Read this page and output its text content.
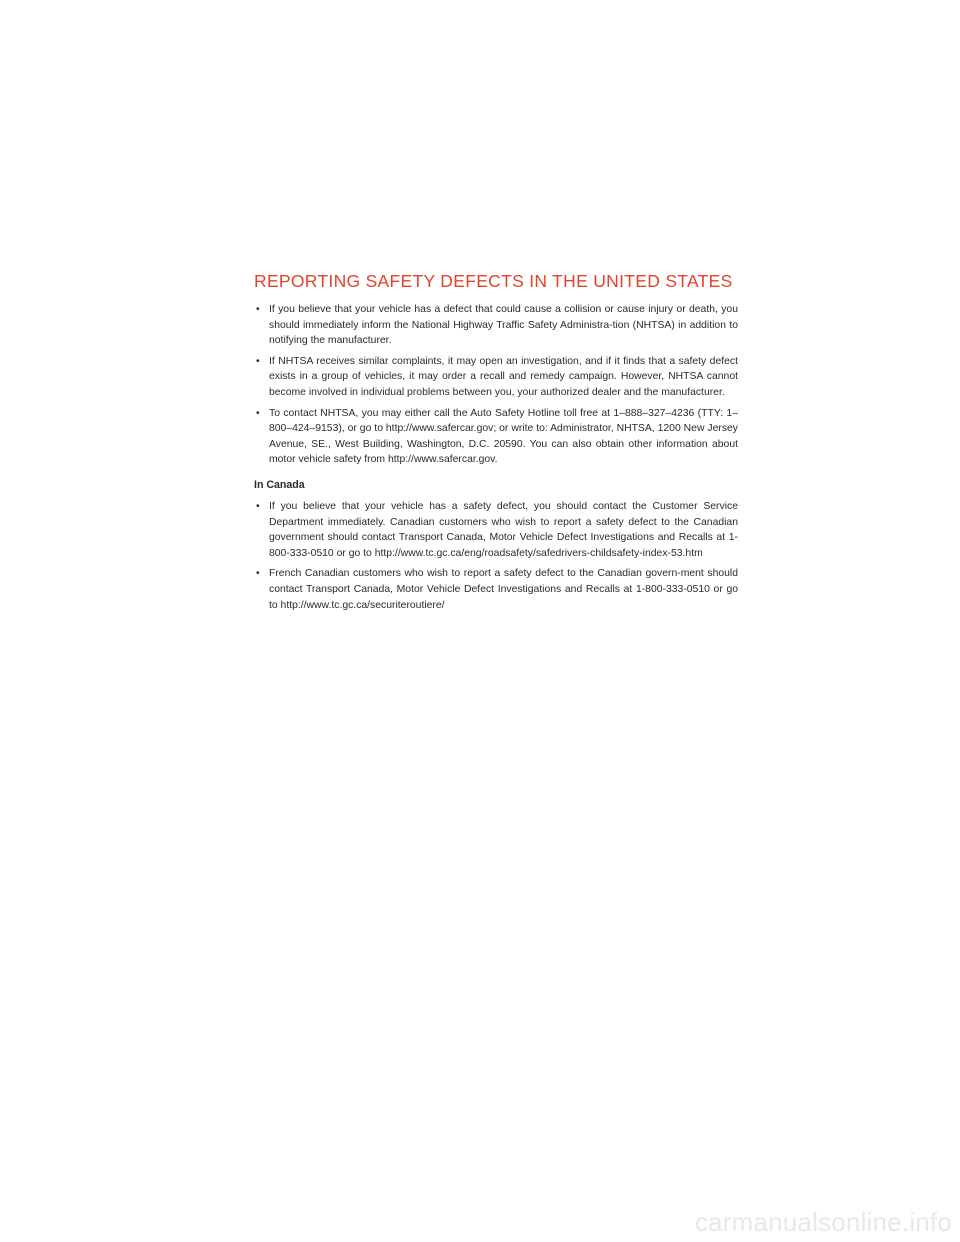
REPORTING SAFETY DEFECTS IN THE UNITED STATES
• If you believe that your vehicle has a defect that could cause a collision or cause injury or death, you should immediately inform the National Highway Traffic Safety Administra-tion (NHTSA) in addition to notifying the manufacturer.
• If NHTSA receives similar complaints, it may open an investigation, and if it finds that a safety defect exists in a group of vehicles, it may order a recall and remedy campaign. However, NHTSA cannot become involved in individual problems between you, your authorized dealer and the manufacturer.
• To contact NHTSA, you may either call the Auto Safety Hotline toll free at 1–888–327–4236 (TTY: 1–800–424–9153), or go to http://www.safercar.gov; or write to: Administrator, NHTSA, 1200 New Jersey Avenue, SE., West Building, Washington, D.C. 20590. You can also obtain other information about motor vehicle safety from http://www.safercar.gov.
In Canada
• If you believe that your vehicle has a safety defect, you should contact the Customer Service Department immediately. Canadian customers who wish to report a safety defect to the Canadian government should contact Transport Canada, Motor Vehicle Defect Investigations and Recalls at 1-800-333-0510 or go to http://www.tc.gc.ca/eng/roadsafety/safedrivers-childsafety-index-53.htm
• French Canadian customers who wish to report a safety defect to the Canadian govern-ment should contact Transport Canada, Motor Vehicle Defect Investigations and Recalls at 1-800-333-0510 or go to http://www.tc.gc.ca/securiteroutiere/
carmanualsonline.info
